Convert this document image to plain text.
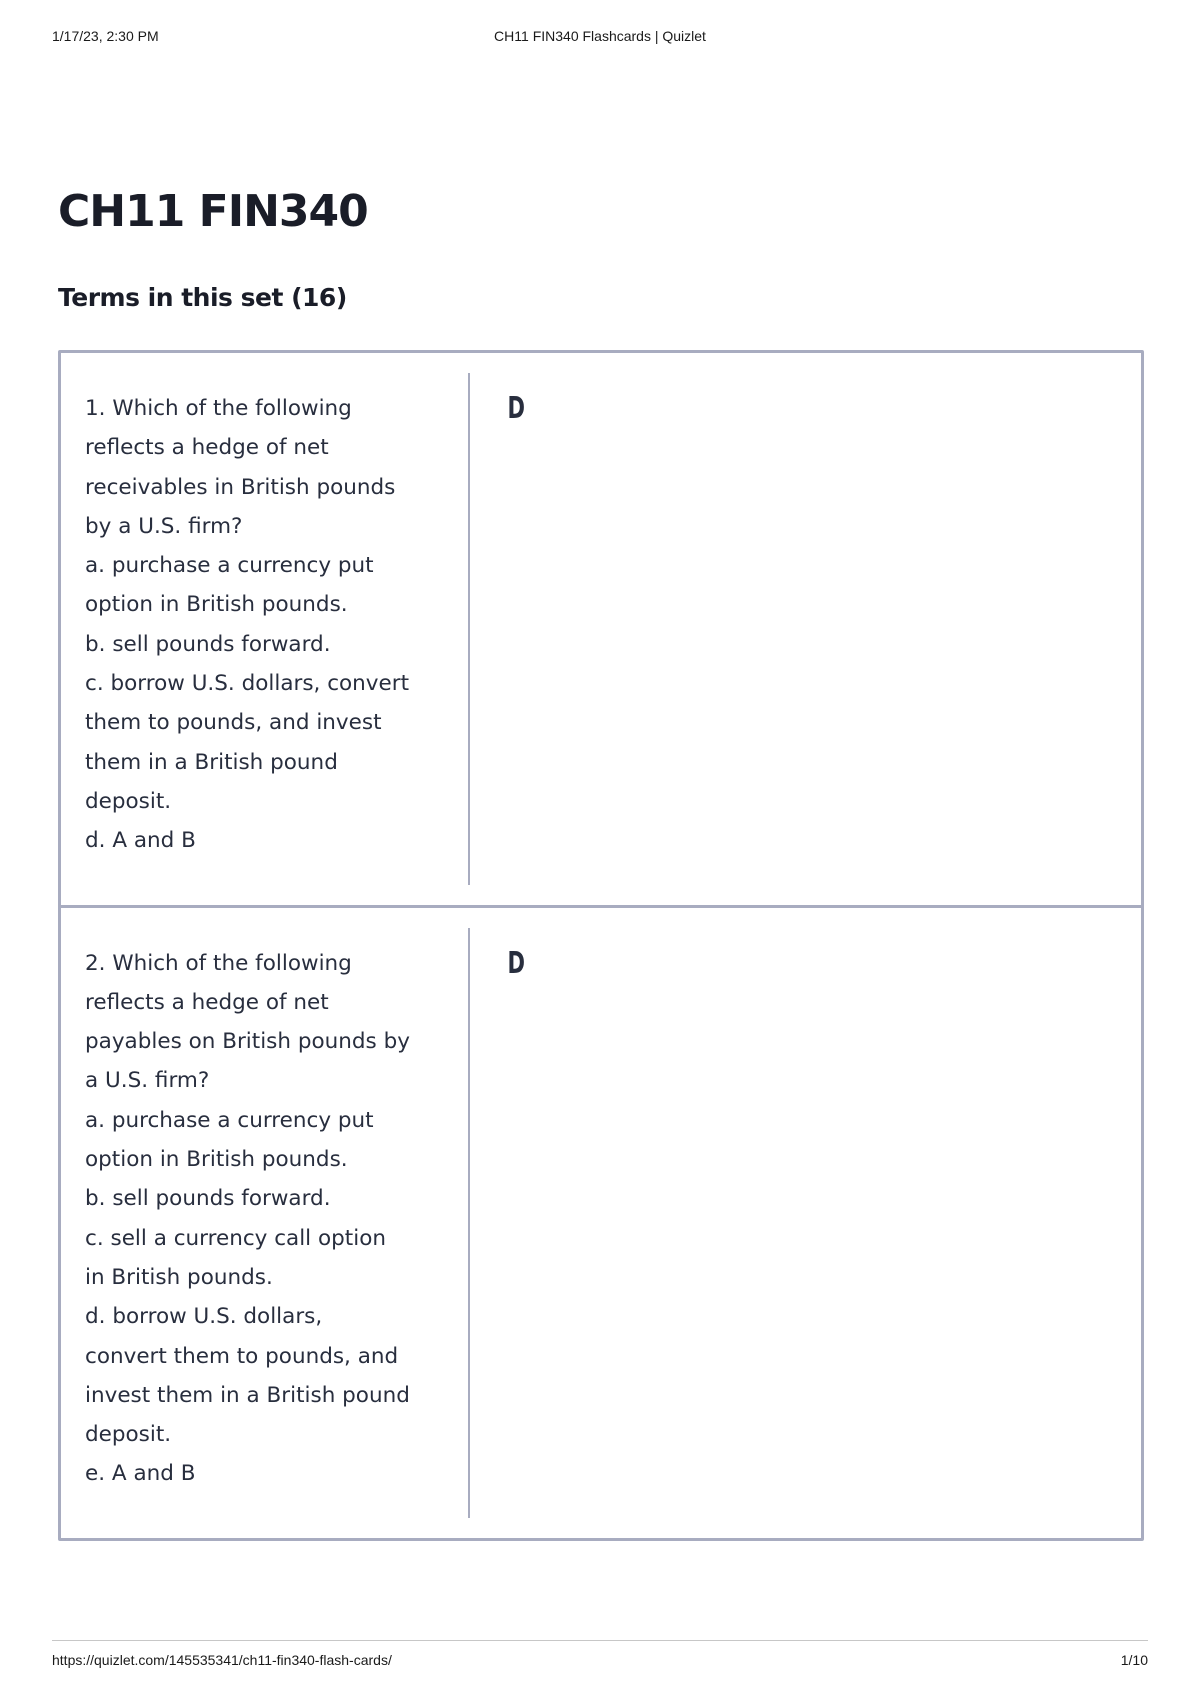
1/17/23, 2:30 PM	CH11 FIN340 Flashcards | Quizlet
CH11 FIN340
Terms in this set (16)
1. Which of the following
reflects a hedge of net
receivables in British pounds
by a U.S. firm?
a. purchase a currency put
option in British pounds.
b. sell pounds forward.
c. borrow U.S. dollars, convert
them to pounds, and invest
them in a British pound
deposit.
d. A and B
D
2. Which of the following
reflects a hedge of net
payables on British pounds by
a U.S. firm?
a. purchase a currency put
option in British pounds.
b. sell pounds forward.
c. sell a currency call option
in British pounds.
d. borrow U.S. dollars,
convert them to pounds, and
invest them in a British pound
deposit.
e. A and B
D
https://quizlet.com/145535341/ch11-fin340-flash-cards/	1/10
